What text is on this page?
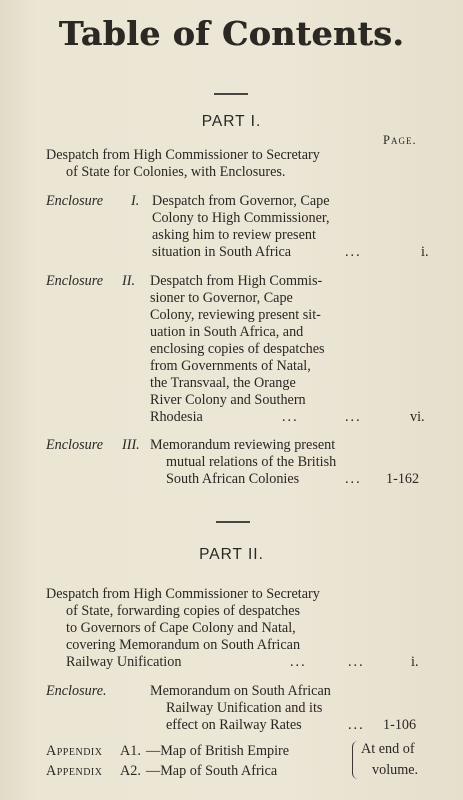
Table of Contents.
PART I.
Page.
Despatch from High Commissioner to Secretary
of State for Colonies, with Enclosures.
Enclosure I. Despatch from Governor, Cape
Colony to High Commissioner,
asking him to review present
situation in South Africa	...	i.
Enclosure II. Despatch from High Commis-
sioner to Governor, Cape
Colony, reviewing present sit-
uation in South Africa, and
enclosing copies of despatches
from Governments of Natal,
the Transvaal, the Orange
River Colony and Southern
Rhodesia	...	...	vi.
Enclosure III. Memorandum reviewing present
mutual relations of the British
South African Colonies	... 1-162
PART II.
Despatch from High Commissioner to Secretary
of State, forwarding copies of despatches
to Governors of Cape Colony and Natal,
covering Memorandum on South African
Railway Unification	...	...	i.
Enclosure.	Memorandum on South African
Railway Unification and its
effect on Railway Rates	... 1-106
Appendix A1. —Map of British Empire
Appendix A2. —Map of South Africa
At end of
volume.
